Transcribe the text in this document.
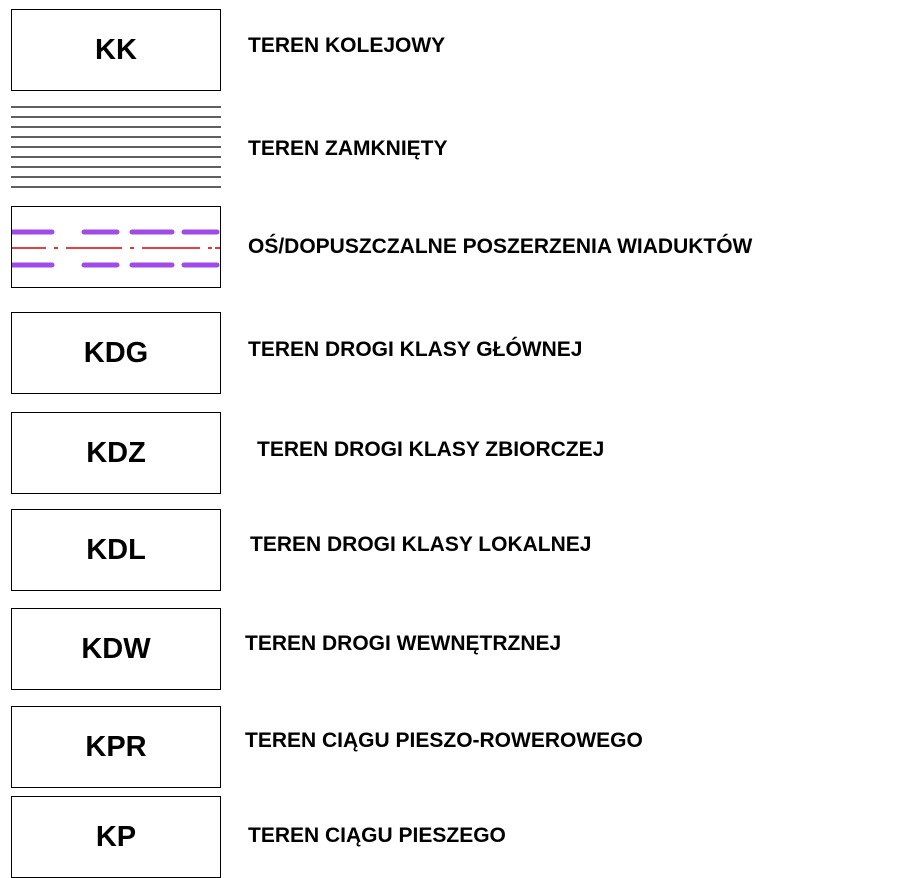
KK	TEREN KOLEJOWY
TEREN ZAMKNIĘTY
OŚ/DOPUSZCZALNE POSZERZENIA WIADUKTÓW
KDG	TEREN DROGI KLASY GŁÓWNEJ
KDZ	TEREN DROGI KLASY ZBIORCZEJ
KDL	TEREN DROGI KLASY LOKALNEJ
KDW	TEREN DROGI WEWNĘTRZNEJ
KPR	TEREN CIĄGU PIESZO-ROWEROWEGO
KP	TEREN CIĄGU PIESZEGO
